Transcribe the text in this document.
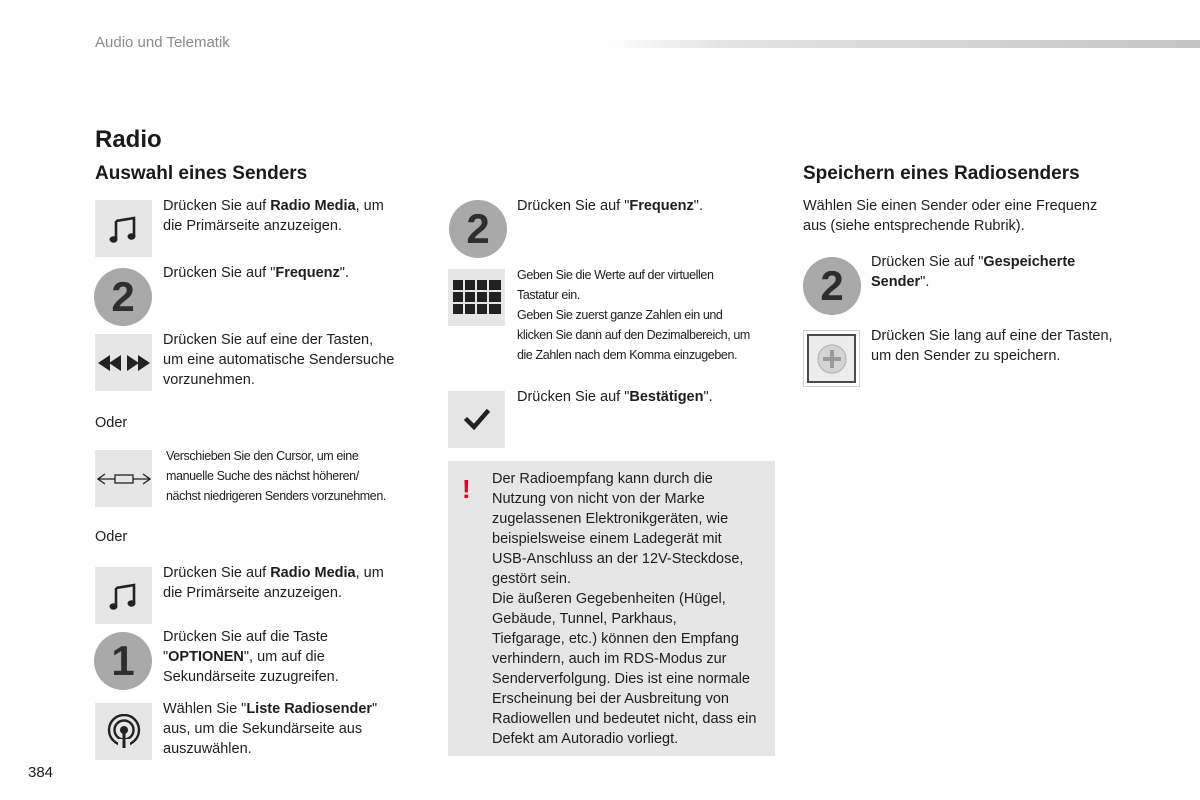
Audio und Telematik
Radio
Auswahl eines Senders
Drücken Sie auf Radio Media, um
die Primärseite anzuzeigen.
2	Drücken Sie auf "Frequenz".
Drücken Sie auf eine der Tasten,
um eine automatische Sendersuche
vorzunehmen.
Oder
Verschieben Sie den Cursor, um eine
manuelle Suche des nächst höheren/
nächst niedrigeren Senders vorzunehmen.
Oder
Drücken Sie auf Radio Media, um
die Primärseite anzuzeigen.
1	Drücken Sie auf die Taste
"OPTIONEN", um auf die
Sekundärseite zuzugreifen.
Wählen Sie "Liste Radiosender"
aus, um die Sekundärseite aus
auszuwählen.
2	Drücken Sie auf "Frequenz".
Geben Sie die Werte auf der virtuellen
Tastatur ein.
Geben Sie zuerst ganze Zahlen ein und
klicken Sie dann auf den Dezimalbereich, um
die Zahlen nach dem Komma einzugeben.
Drücken Sie auf "Bestätigen".
! Der Radioempfang kann durch die
Nutzung von nicht von der Marke
zugelassenen Elektronikgeräten, wie
beispielsweise einem Ladegerät mit
USB-Anschluss an der 12V-Steckdose,
gestört sein.
Die äußeren Gegebenheiten (Hügel,
Gebäude, Tunnel, Parkhaus,
Tiefgarage, etc.) können den Empfang
verhindern, auch im RDS-Modus zur
Senderverfolgung. Dies ist eine normale
Erscheinung bei der Ausbreitung von
Radiowellen und bedeutet nicht, dass ein
Defekt am Autoradio vorliegt.
Speichern eines Radiosenders
Wählen Sie einen Sender oder eine Frequenz
aus (siehe entsprechende Rubrik).
2	Drücken Sie auf "Gespeicherte
Sender".
Drücken Sie lang auf eine der Tasten,
um den Sender zu speichern.
384
